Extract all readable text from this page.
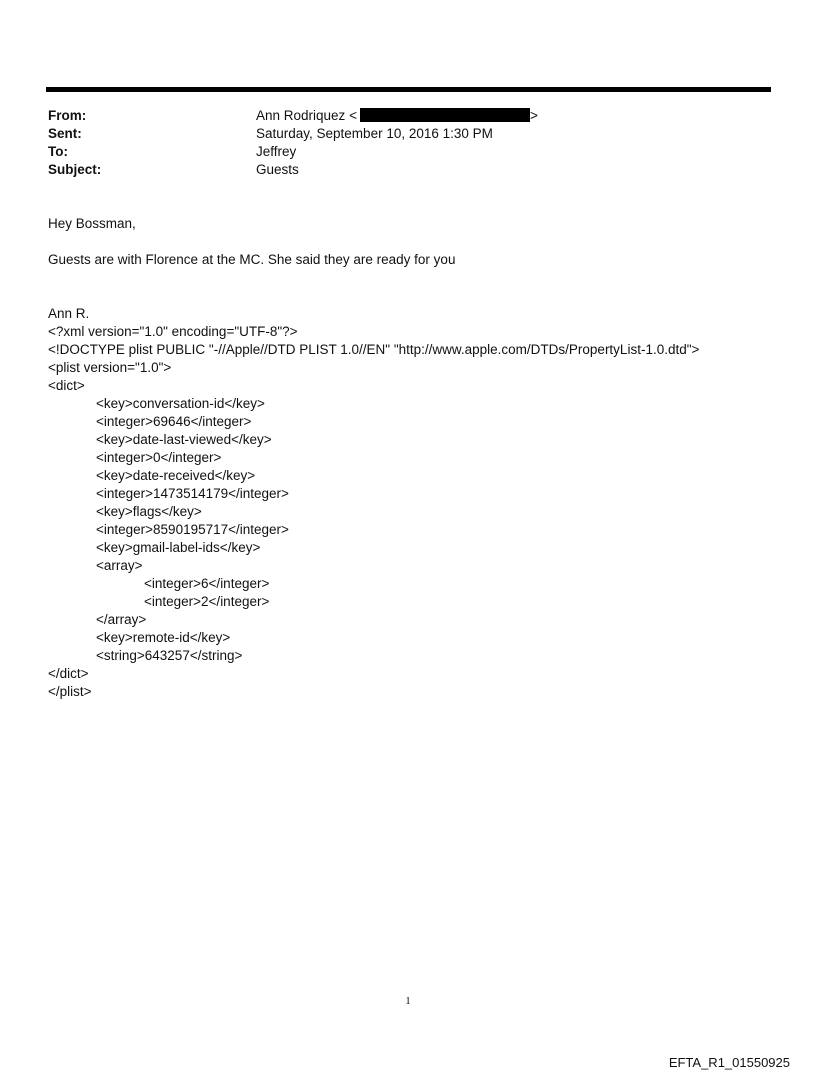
From:	Ann Rodriquez <	>
Sent:	Saturday, September 10, 2016 1:30 PM
To:	Jeffrey
Subject:	Guests
Hey Bossman,
Guests are with Florence at the MC. She said they are ready for you
Ann R.
<?xml version="1.0" encoding="UTF-8"?>
<!DOCTYPE plist PUBLIC "-//Apple//DTD PLIST 1.0//EN" "http://www.apple.com/DTDs/PropertyList-1.0.dtd">
<plist version="1.0">
<dict>
<key>conversation-id</key>
<integer>69646</integer>
<key>date-last-viewed</key>
<integer>0</integer>
<key>date-received</key>
<integer>1473514179</integer>
<key>flags</key>
<integer>8590195717</integer>
<key>gmail-label-ids</key>
<array>
<integer>6</integer>
<integer>2</integer>
</array>
<key>remote-id</key>
<string>643257</string>
</dict>
</plist>
1
EFTA_R1_01550925
